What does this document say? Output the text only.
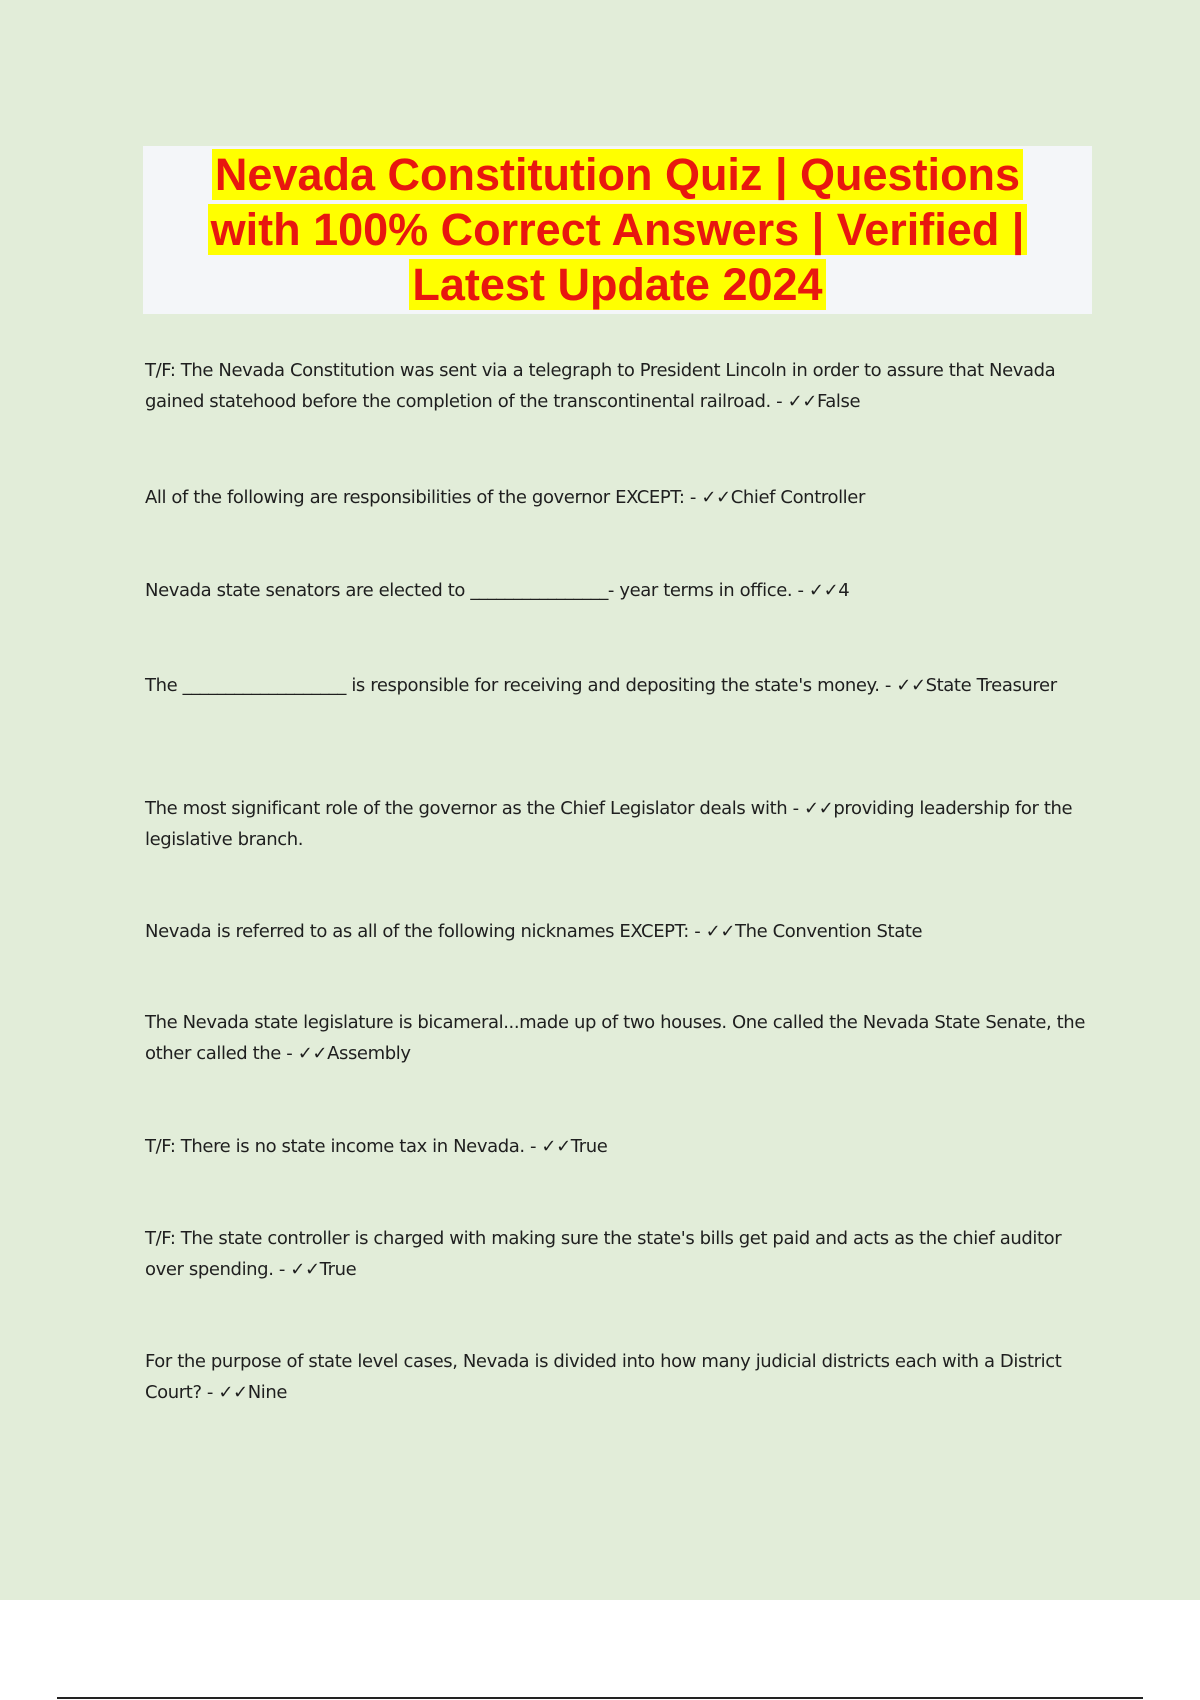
Nevada Constitution Quiz | Questions
with 100% Correct Answers | Verified |
Latest Update 2024

T/F: The Nevada Constitution was sent via a telegraph to President Lincoln in order to assure that Nevada gained statehood before the completion of the transcontinental railroad. - ✓✓False

All of the following are responsibilities of the governor EXCEPT: - ✓✓Chief Controller

Nevada state senators are elected to ________________- year terms in office. - ✓✓4

The ___________________ is responsible for receiving and depositing the state's money. - ✓✓State Treasurer

The most significant role of the governor as the Chief Legislator deals with - ✓✓providing leadership for the legislative branch.

Nevada is referred to as all of the following nicknames EXCEPT: - ✓✓The Convention State

The Nevada state legislature is bicameral...made up of two houses. One called the Nevada State Senate, the other called the - ✓✓Assembly

T/F: There is no state income tax in Nevada. - ✓✓True

T/F: The state controller is charged with making sure the state's bills get paid and acts as the chief auditor over spending. - ✓✓True

For the purpose of state level cases, Nevada is divided into how many judicial districts each with a District Court? - ✓✓Nine
